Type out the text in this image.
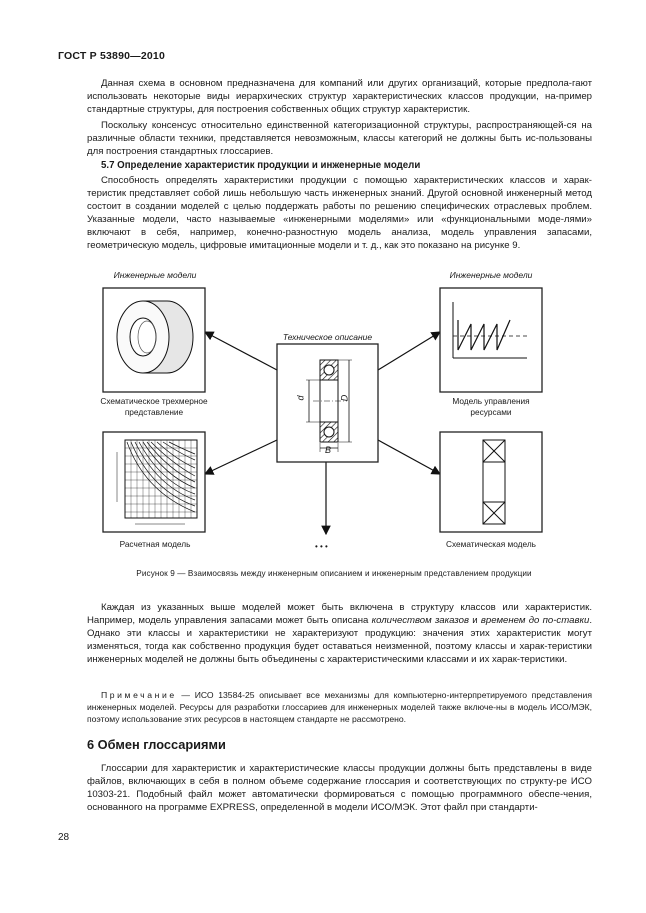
ГОСТ Р 53890—2010
Данная схема в основном предназначена для компаний или других организаций, которые предпола-гают использовать некоторые виды иерархических структур характеристических классов продукции, на-пример стандартные структуры, для построения собственных общих структур характеристик.
Поскольку консенсус относительно единственной категоризационной структуры, распространяющей-ся на различные области техники, представляется невозможным, классы категорий не должны быть ис-пользованы для построения стандартных глоссариев.
5.7 Определение характеристик продукции и инженерные модели
Способность определять характеристики продукции с помощью характеристических классов и харак-теристик представляет собой лишь небольшую часть инженерных знаний. Другой основной инженерный метод состоит в создании моделей с целью поддержать работы по решению специфических отраслевых проблем. Указанные модели, часто называемые «инженерными моделями» или «функциональными моде-лями» включают в себя, например, конечно-разностную модель анализа, модель управления запасами, геометрическую модель, цифровые имитационные модели и т. д., как это показано на рисунке 9.
Инженерные модели	Инженерные модели
Техническое описание
Схематическое трехмерное представление
Модель управления ресурсами
Расчетная модель	Схематическая модель
d	D
B
• • •
Рисунок 9 — Взаимосвязь между инженерным описанием и инженерным представлением продукции
Каждая из указанных выше моделей может быть включена в структуру классов или характеристик. Например, модель управления запасами может быть описана количеством заказов и временем до по-ставки. Однако эти классы и характеристики не характеризуют продукцию: значения этих характеристик могут изменяться, тогда как собственно продукция будет оставаться неизменной, поэтому классы и харак-теристики инженерных моделей не должны быть объединены с характеристическими классами и их харак-теристики.
Примечание — ИСО 13584-25 описывает все механизмы для компьютерно-интерпретируемого представления инженерных моделей. Ресурсы для разработки глоссариев для инженерных моделей также включе-ны в модель ИСО/МЭК, поэтому использование этих ресурсов в настоящем стандарте не рассмотрено.
6 Обмен глоссариями
Глоссарии для характеристик и характеристические классы продукции должны быть представлены в виде файлов, включающих в себя в полном объеме содержание глоссария и соответствующих по структу-ре ИСО 10303-21. Подобный файл может автоматически формироваться с помощью программного обеспе-чения, основанного на программе EXPRESS, определенной в модели ИСО/МЭК. Этот файл при стандарти-
28
